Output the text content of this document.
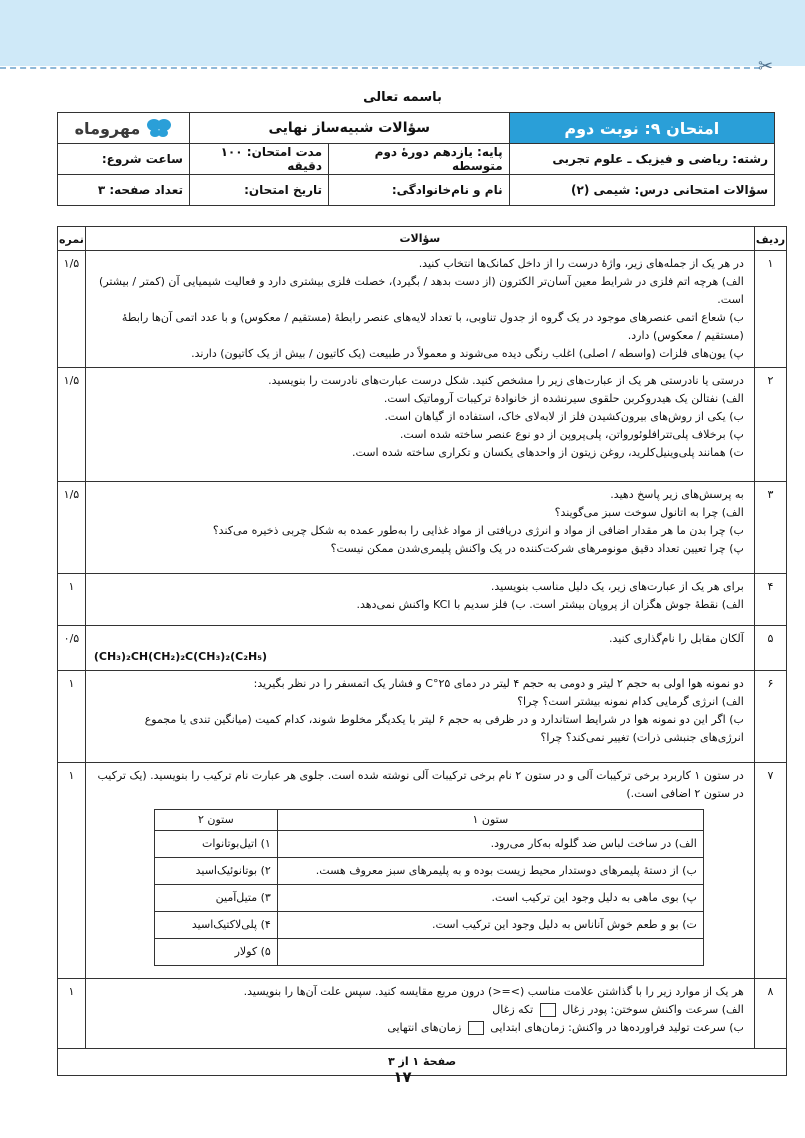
✂
باسمه تعالی
مهروماه	سؤالات شبیه‌ساز نهایی		امتحان ۹: نوبت دوم
ساعت شروع:	مدت امتحان: ۱۰۰ دقیقه	پایه: یازدهم دورهٔ دوم متوسطه	رشته: ریاضی و فیزیک ـ علوم تجربی
تعداد صفحه: ۳	تاریخ امتحان:	نام و نام‌خانوادگی:	سؤالات امتحانی درس: شیمی (۲)
ردیف	سؤالات	نمره
۱	
در هر یک از جمله‌های زیر، واژهٔ درست را از داخل کمانک‌ها انتخاب کنید.
الف) هرچه اتم فلزی در شرایط معین آسان‌تر الکترون (از دست بدهد / بگیرد)، خصلت فلزی بیشتری دارد و فعالیت شیمیایی آن (کمتر / بیشتر) است.
ب) شعاع اتمی عنصرهای موجود در یک گروه از جدول تناوبی، با تعداد لایه‌های عنصر رابطهٔ (مستقیم / معکوس) و با عدد اتمی آن‌ها رابطهٔ
(مستقیم / معکوس) دارد.
پ) یون‌های فلزات (واسطه / اصلی) اغلب رنگی دیده می‌شوند و معمولاً در طبیعت (یک کاتیون / بیش از یک کاتیون) دارند.
	۱/۵
۲	
درستی یا نادرستی هر یک از عبارت‌های زیر را مشخص کنید. شکل درست عبارت‌های نادرست را بنویسید.
الف) نفتالن یک هیدروکربن حلقوی سیرنشده از خانوادهٔ ترکیبات آروماتیک است.
ب) یکی از روش‌های بیرون‌کشیدن فلز از لابه‌لای خاک، استفاده از گیاهان است.
پ) برخلاف پلی‌تترافلوئورواتن، پلی‌پروپن از دو نوع عنصر ساخته شده است.
ت) همانند پلی‌وینیل‌کلرید، روغن زیتون از واحدهای یکسان و تکراری ساخته شده است.
	۱/۵
۳	
به پرسش‌های زیر پاسخ دهید.
الف) چرا به اتانول سوخت سبز می‌گویند؟
ب) چرا بدن ما هر مقدار اضافی از مواد و انرژی دریافتی از مواد غذایی را به‌طور عمده به شکل چربی ذخیره می‌کند؟
پ) چرا تعیین تعداد دقیق مونومرهای شرکت‌کننده در یک واکنش پلیمری‌شدن ممکن نیست؟
	۱/۵
۴	
برای هر یک از عبارت‌های زیر، یک دلیل مناسب بنویسید.
الف) نقطهٔ جوش هگزان از پروپان بیشتر است. ب) فلز سدیم با KCl واکنش نمی‌دهد.
	۱
۵	
آلکان مقابل را نام‌گذاری کنید.
(CH₃)₂CH(CH₂)₂C(CH₃)₂(C₂H₅)
	۰/۵
۶	
دو نمونه هوا اولی به حجم ۲ لیتر و دومی به حجم ۴ لیتر در دمای ۲۵°C و فشار یک اتمسفر را در نظر بگیرید:
الف) انرژی گرمایی کدام نمونه بیشتر است؟ چرا؟
ب) اگر این دو نمونه هوا در شرایط استاندارد و در ظرفی به حجم ۶ لیتر با یکدیگر مخلوط شوند، کدام کمیت (میانگین تندی یا مجموع
انرژی‌های جنبشی ذرات) تغییر نمی‌کند؟ چرا؟
	۱
۷	
در ستون ۱ کاربرد برخی ترکیبات آلی و در ستون ۲ نام برخی ترکیبات آلی نوشته شده است. جلوی هر عبارت نام ترکیب را بنویسید. (یک ترکیب
در ستون ۲ اضافی است.)
ستون ۱	ستون ۲
الف) در ساخت لباس ضد گلوله به‌کار می‌رود.	۱) اتیل‌بوتانوات
ب) از دستهٔ پلیمرهای دوستدار محیط زیست بوده و به پلیمرهای سبز معروف هست.	۲) بوتانوئیک‌اسید
پ) بوی ماهی به دلیل وجود این ترکیب است.	۳) متیل‌آمین
ت) بو و طعم خوش آناناس به دلیل وجود این ترکیب است.	۴) پلی‌لاکتیک‌اسید
	۵) کولار
	۱
۸	
هر یک از موارد زیر را با گذاشتن علامت مناسب (>=<) درون مربع مقایسه کنید. سپس علت آن‌ها را بنویسید.
الف) سرعت واکنش سوختن: پودر زغال  تکه زغال
ب) سرعت تولید فراورده‌ها در واکنش: زمان‌های ابتدایی  زمان‌های انتهایی
	۱
صفحهٔ ۱ از ۳
۱۷
